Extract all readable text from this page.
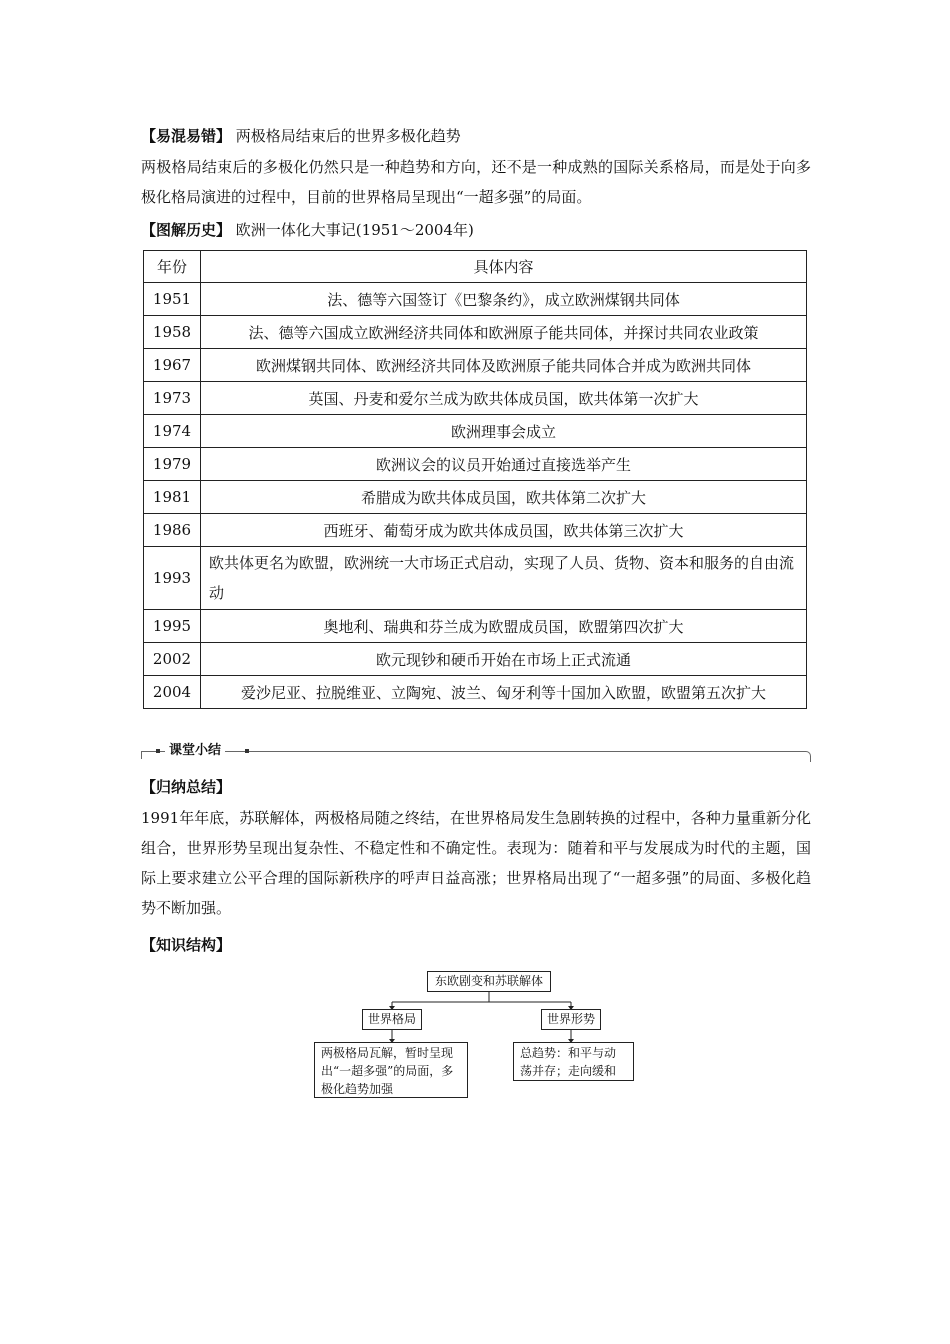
【易混易错】 两极格局结束后的世界多极化趋势
两极格局结束后的多极化仍然只是一种趋势和方向，还不是一种成熟的国际关系格局，而是处于向多极化格局演进的过程中，目前的世界格局呈现出“一超多强”的局面。
【图解历史】 欧洲一体化大事记(1951～2004年)
年份	具体内容
1951	法、德等六国签订《巴黎条约》，成立欧洲煤钢共同体
1958	法、德等六国成立欧洲经济共同体和欧洲原子能共同体，并探讨共同农业政策
1967	欧洲煤钢共同体、欧洲经济共同体及欧洲原子能共同体合并成为欧洲共同体
1973	英国、丹麦和爱尔兰成为欧共体成员国，欧共体第一次扩大
1974	欧洲理事会成立
1979	欧洲议会的议员开始通过直接选举产生
1981	希腊成为欧共体成员国，欧共体第二次扩大
1986	西班牙、葡萄牙成为欧共体成员国，欧共体第三次扩大
1993	欧共体更名为欧盟，欧洲统一大市场正式启动，实现了人员、货物、资本和服务的自由流动
1995	奥地利、瑞典和芬兰成为欧盟成员国，欧盟第四次扩大
2002	欧元现钞和硬币开始在市场上正式流通
2004	爱沙尼亚、拉脱维亚、立陶宛、波兰、匈牙利等十国加入欧盟，欧盟第五次扩大
课堂小结
【归纳总结】
1991年年底，苏联解体，两极格局随之终结，在世界格局发生急剧转换的过程中，各种力量重新分化组合，世界形势呈现出复杂性、不稳定性和不确定性。表现为：随着和平与发展成为时代的主题，国际上要求建立公平合理的国际新秩序的呼声日益高涨；世界格局出现了“一超多强”的局面、多极化趋势不断加强。
【知识结构】
东欧剧变和苏联解体
世界格局	世界形势
两极格局瓦解，暂时呈现出“一超多强”的局面，多极化趋势加强
总趋势：和平与动荡并存；走向缓和
